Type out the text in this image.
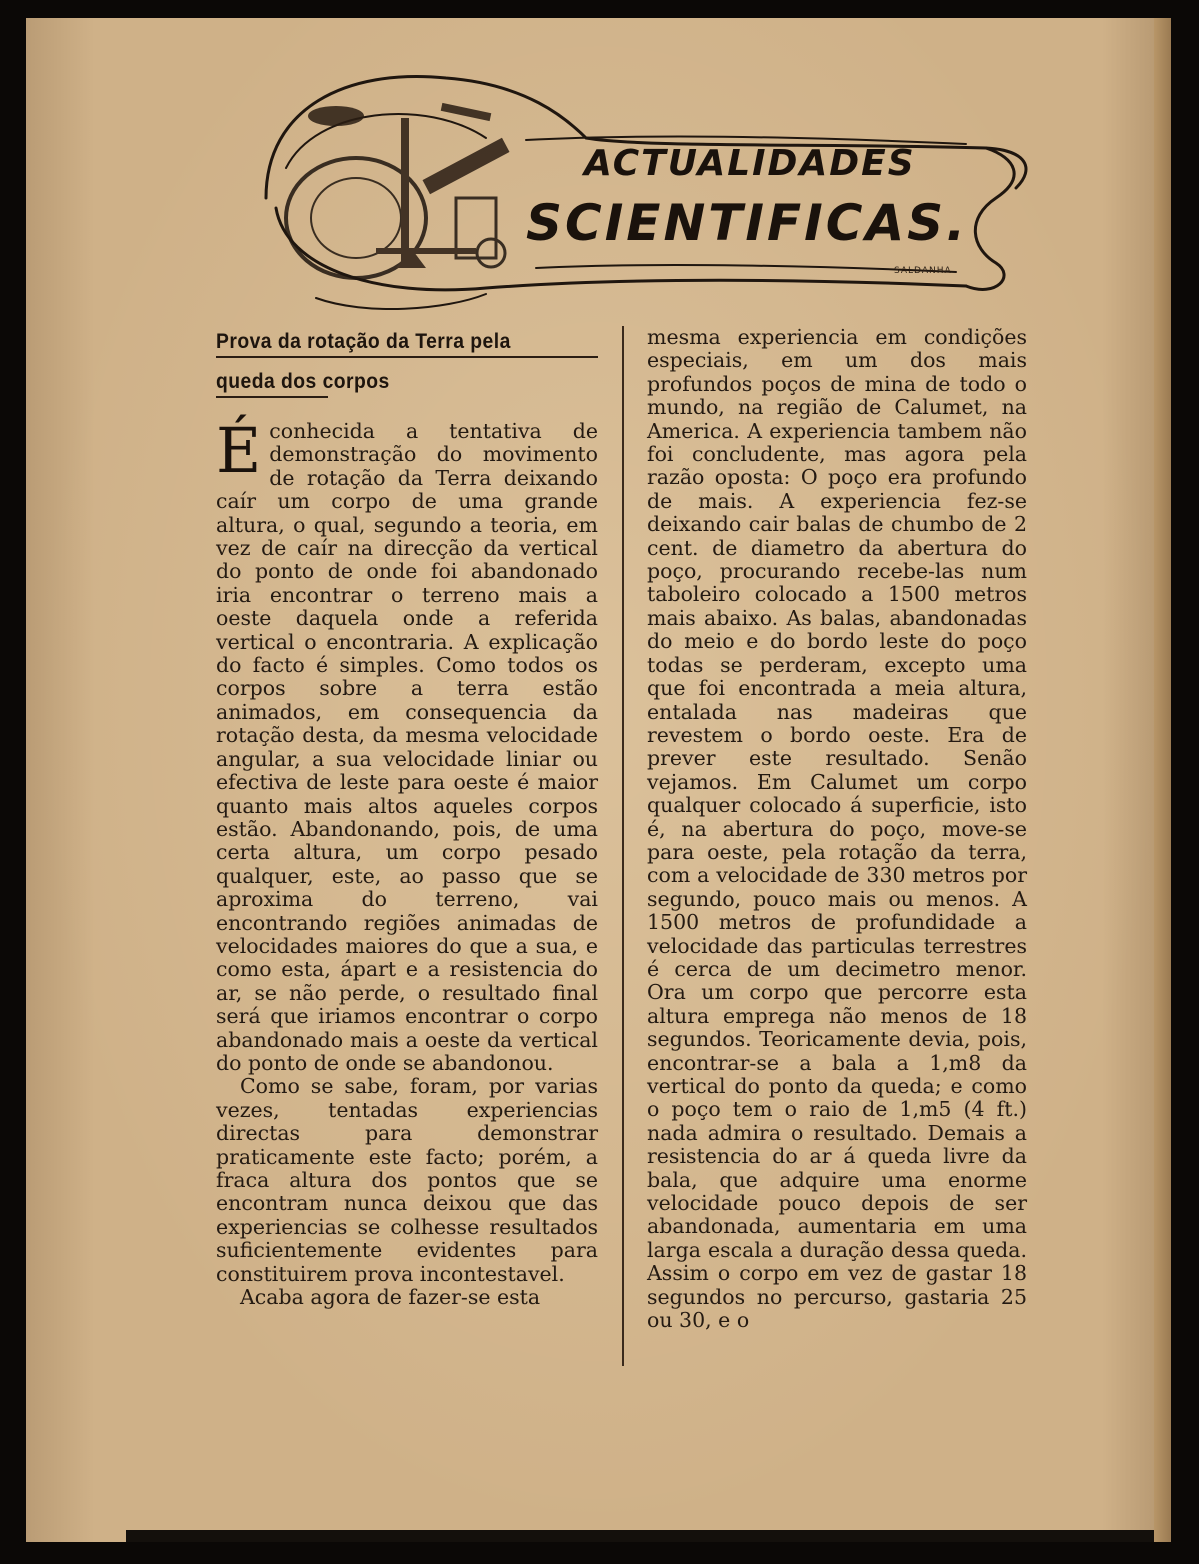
ACTUALIDADES
SCIENTIFICAS.
SALDANHA
Prova da rotação da Terra pela queda dos corpos

Éconhecida a tentativa de demonstração do movimento de rotação da Terra deixando caír um corpo de uma grande altura, o qual, segundo a teoria, em vez de caír na direcção da vertical do ponto de onde foi abandonado iria encontrar o terreno mais a oeste daquela onde a referida vertical o encontraria. A explicação do facto é simples. Como todos os corpos sobre a terra estão animados, em consequencia da rotação desta, da mesma velocidade angular, a sua velocidade liniar ou efectiva de leste para oeste é maior quanto mais altos aqueles corpos estão. Abandonando, pois, de uma certa altura, um corpo pesado qualquer, este, ao passo que se aproxima do terreno, vai encontrando regiões animadas de velocidades maiores do que a sua, e como esta, ápart e a resistencia do ar, se não perde, o resultado final será que iriamos encontrar o corpo abandonado mais a oeste da vertical do ponto de onde se abandonou.

Como se sabe, foram, por varias vezes, tentadas experiencias directas para demonstrar praticamente este facto; porém, a fraca altura dos pontos que se encontram nunca deixou que das experiencias se colhesse resultados suficientemente evidentes para constituirem prova incontestavel.

Acaba agora de fazer-se esta

mesma experiencia em condições especiais, em um dos mais profundos poços de mina de todo o mundo, na região de Calumet, na America. A experiencia tambem não foi concludente, mas agora pela razão oposta: O poço era profundo de mais. A experiencia fez-se deixando cair balas de chumbo de 2 cent. de diametro da abertura do poço, procurando recebe-las num taboleiro colocado a 1500 metros mais abaixo. As balas, abandonadas do meio e do bordo leste do poço todas se perderam, excepto uma que foi encontrada a meia altura, entalada nas madeiras que revestem o bordo oeste. Era de prever este resultado. Senão vejamos. Em Calumet um corpo qualquer colocado á superficie, isto é, na abertura do poço, move-se para oeste, pela rotação da terra, com a velocidade de 330 metros por segundo, pouco mais ou menos. A 1500 metros de profundidade a velocidade das particulas terrestres é cerca de um decimetro menor. Ora um corpo que percorre esta altura emprega não menos de 18 segundos. Teoricamente devia, pois, encontrar-se a bala a 1,m8 da vertical do ponto da queda; e como o poço tem o raio de 1,m5 (4 ft.) nada admira o resultado. Demais a resistencia do ar á queda livre da bala, que adquire uma enorme velocidade pouco depois de ser abandonada, aumentaria em uma larga escala a duração dessa queda. Assim o corpo em vez de gastar 18 segundos no percurso, gastaria 25 ou 30, e o
